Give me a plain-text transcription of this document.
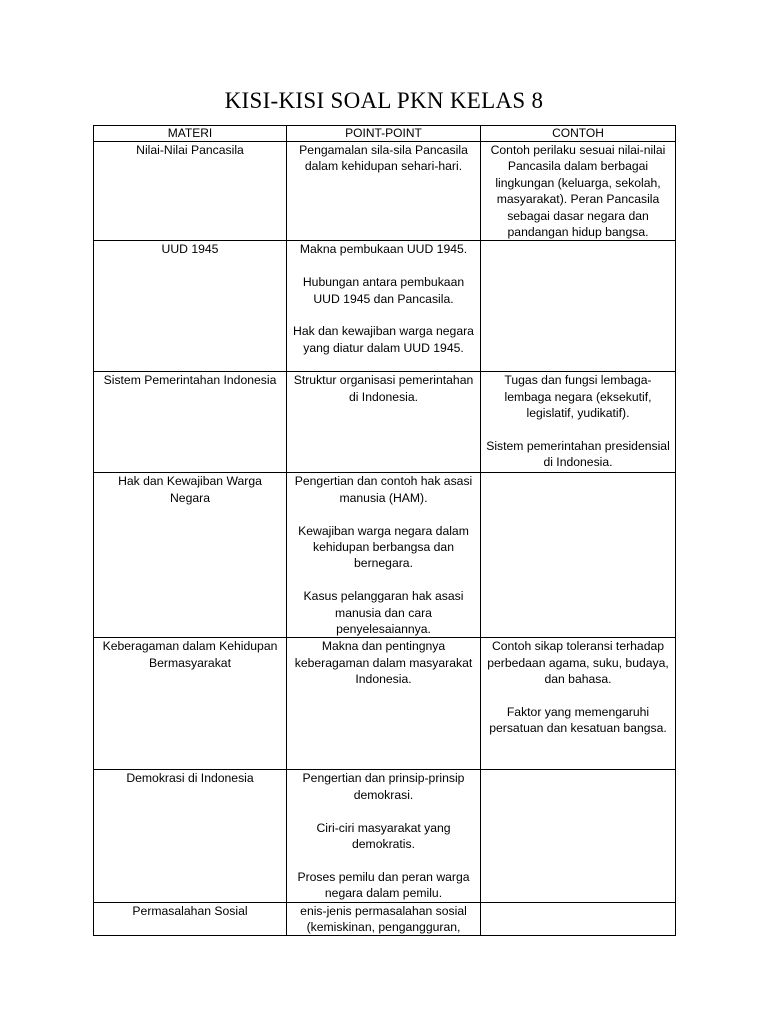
KISI-KISI SOAL PKN KELAS 8
MATERI	POINT-POINT	CONTOH
Nilai-Nilai Pancasila	Pengamalan sila-sila Pancasila dalam kehidupan sehari-hari.	Contoh perilaku sesuai nilai-nilai Pancasila dalam berbagai lingkungan (keluarga, sekolah, masyarakat). Peran Pancasila sebagai dasar negara dan pandangan hidup bangsa.

UUD 1945	Makna pembukaan UUD 1945.
Hubungan antara pembukaan UUD 1945 dan Pancasila.
Hak dan kewajiban warga negara yang diatur dalam UUD 1945.	

Sistem Pemerintahan Indonesia	Struktur organisasi pemerintahan di Indonesia.	Tugas dan fungsi lembaga-lembaga negara (eksekutif, legislatif, yudikatif).
Sistem pemerintahan presidensial di Indonesia.

Hak dan Kewajiban Warga Negara	Pengertian dan contoh hak asasi manusia (HAM).
Kewajiban warga negara dalam kehidupan berbangsa dan bernegara.
Kasus pelanggaran hak asasi manusia dan cara penyelesaiannya.	

Keberagaman dalam Kehidupan Bermasyarakat	Makna dan pentingnya keberagaman dalam masyarakat Indonesia.	Contoh sikap toleransi terhadap perbedaan agama, suku, budaya, dan bahasa.
Faktor yang memengaruhi persatuan dan kesatuan bangsa.

Demokrasi di Indonesia	Pengertian dan prinsip-prinsip demokrasi.
Ciri-ciri masyarakat yang demokratis.
Proses pemilu dan peran warga negara dalam pemilu.	

Permasalahan Sosial	enis-jenis permasalahan sosial (kemiskinan, pengangguran,	
